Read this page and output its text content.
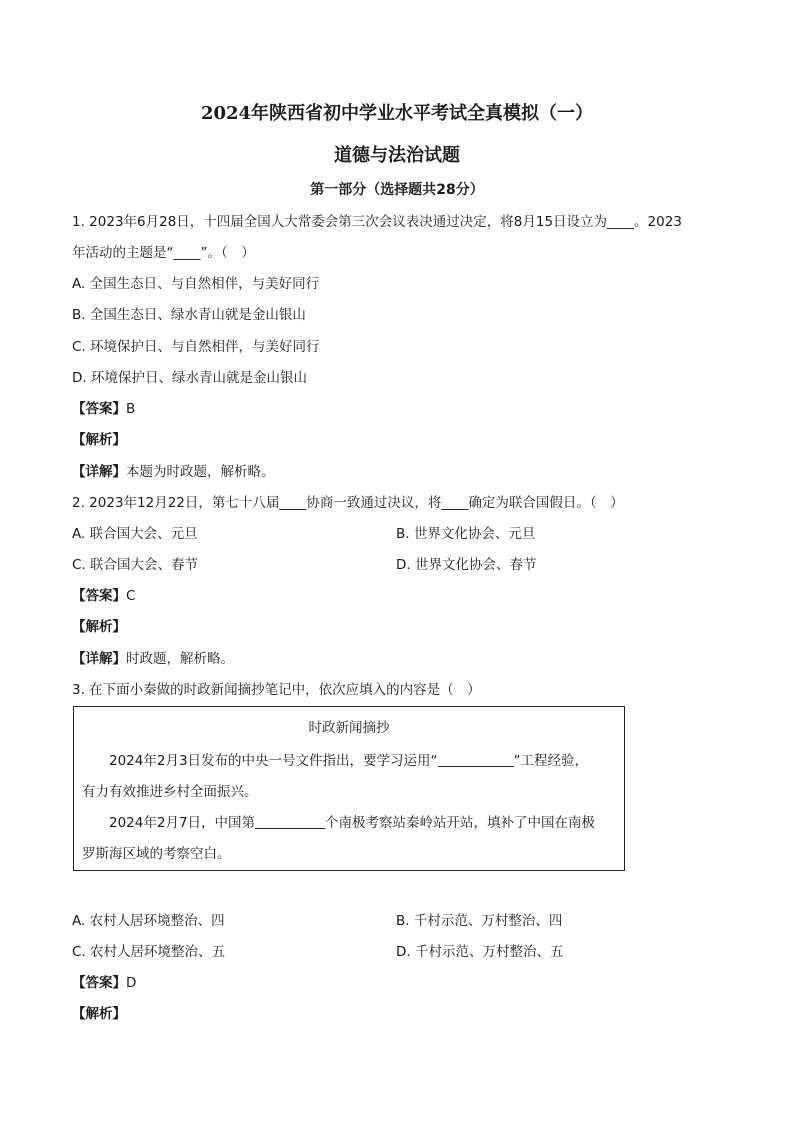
2024年陕西省初中学业水平考试全真模拟（一）
道德与法治试题
第一部分（选择题共28分）
1. 2023年6月28日，十四届全国人大常委会第三次会议表决通过决定，将8月15日设立为____。2023
年活动的主题是“____”。（　）
A. 全国生态日、与自然相伴，与美好同行
B. 全国生态日、绿水青山就是金山银山
C. 环境保护日、与自然相伴，与美好同行
D. 环境保护日、绿水青山就是金山银山
【答案】B
【解析】
【详解】本题为时政题，解析略。
2. 2023年12月22日，第七十八届____协商一致通过决议，将____确定为联合国假日。（　）
A. 联合国大会、元旦	B. 世界文化协会、元旦
C. 联合国大会、春节	D. 世界文化协会、春节
【答案】C
【解析】
【详解】时政题，解析略。
3. 在下面小秦做的时政新闻摘抄笔记中，依次应填入的内容是（　）
时政新闻摘抄
2024年2月3日发布的中央一号文件指出，要学习运用“	”工程经验，
有力有效推进乡村全面振兴。
2024年2月7日，中国第	个南极考察站秦岭站开站，填补了中国在南极
罗斯海区域的考察空白。
A. 农村人居环境整治、四	B. 千村示范、万村整治、四
C. 农村人居环境整治、五	D. 千村示范、万村整治、五
【答案】D
【解析】
